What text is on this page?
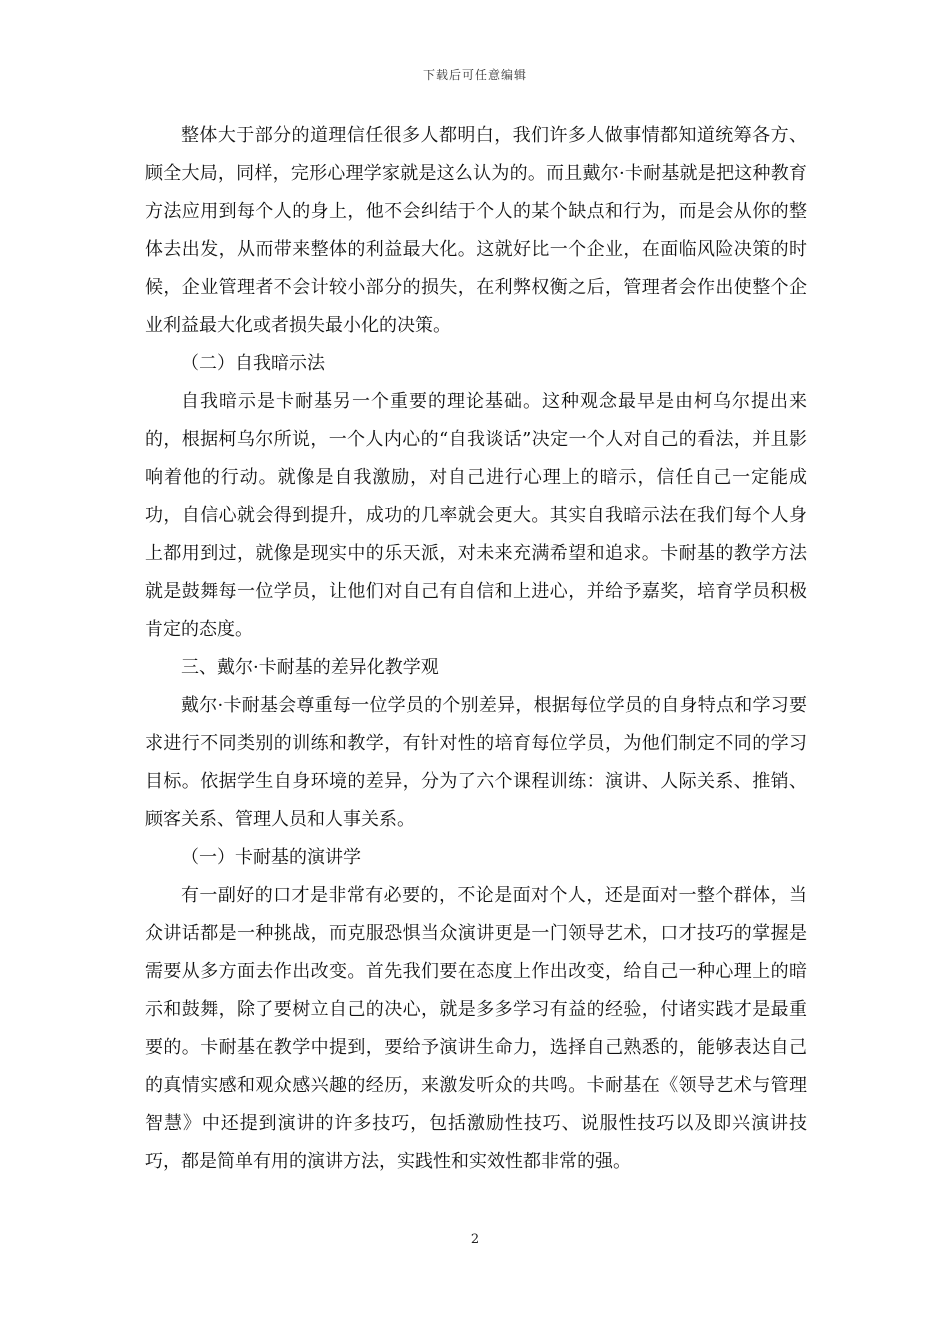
下载后可任意编辑

整体大于部分的道理信任很多人都明白，我们许多人做事情都知道统筹各方、顾全大局，同样，完形心理学家就是这么认为的。而且戴尔·卡耐基就是把这种教育方法应用到每个人的身上，他不会纠结于个人的某个缺点和行为，而是会从你的整体去出发，从而带来整体的利益最大化。这就好比一个企业，在面临风险决策的时候，企业管理者不会计较小部分的损失，在利弊权衡之后，管理者会作出使整个企业利益最大化或者损失最小化的决策。

（二）自我暗示法

自我暗示是卡耐基另一个重要的理论基础。这种观念最早是由柯乌尔提出来的，根据柯乌尔所说，一个人内心的“自我谈话”决定一个人对自己的看法，并且影响着他的行动。就像是自我激励，对自己进行心理上的暗示，信任自己一定能成功，自信心就会得到提升，成功的几率就会更大。其实自我暗示法在我们每个人身上都用到过，就像是现实中的乐天派，对未来充满希望和追求。卡耐基的教学方法就是鼓舞每一位学员，让他们对自己有自信和上进心，并给予嘉奖，培育学员积极肯定的态度。

三、戴尔·卡耐基的差异化教学观

戴尔·卡耐基会尊重每一位学员的个别差异，根据每位学员的自身特点和学习要求进行不同类别的训练和教学，有针对性的培育每位学员，为他们制定不同的学习目标。依据学生自身环境的差异，分为了六个课程训练：演讲、人际关系、推销、顾客关系、管理人员和人事关系。

（一）卡耐基的演讲学

有一副好的口才是非常有必要的，不论是面对个人，还是面对一整个群体，当众讲话都是一种挑战，而克服恐惧当众演讲更是一门领导艺术，口才技巧的掌握是需要从多方面去作出改变。首先我们要在态度上作出改变，给自己一种心理上的暗示和鼓舞，除了要树立自己的决心，就是多多学习有益的经验，付诸实践才是最重要的。卡耐基在教学中提到，要给予演讲生命力，选择自己熟悉的，能够表达自己的真情实感和观众感兴趣的经历，来激发听众的共鸣。卡耐基在《领导艺术与管理智慧》中还提到演讲的许多技巧，包括激励性技巧、说服性技巧以及即兴演讲技巧，都是简单有用的演讲方法，实践性和实效性都非常的强。

2
